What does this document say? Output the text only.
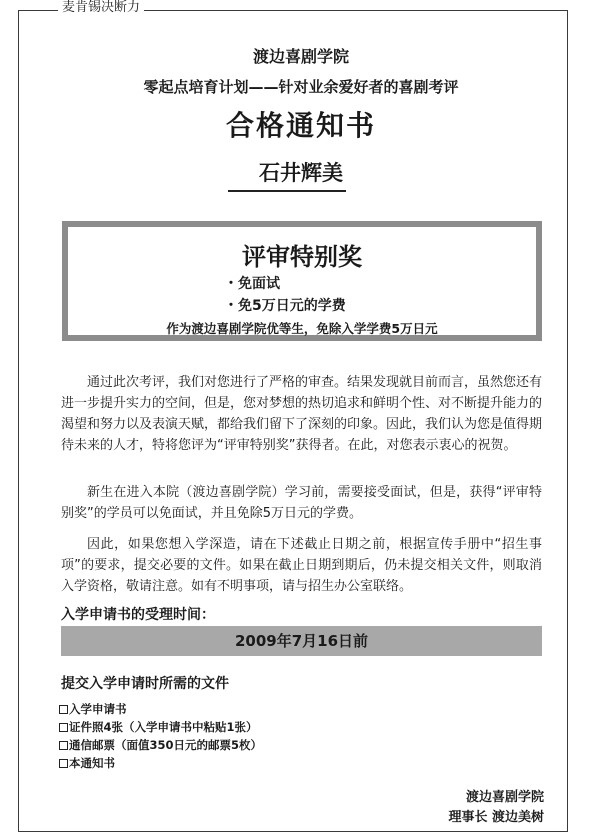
麦肯锡决断力
渡边喜剧学院
零起点培育计划——针对业余爱好者的喜剧考评
合格通知书
石井辉美
评审特别奖
・免面试
・免5万日元的学费
作为渡边喜剧学院优等生，免除入学学费5万日元

通过此次考评，我们对您进行了严格的审查。结果发现就目前而言，虽然您还有进一步提升实力的空间，但是，您对梦想的热切追求和鲜明个性、对不断提升能力的渴望和努力以及表演天赋，都给我们留下了深刻的印象。因此，我们认为您是值得期待未来的人才，特将您评为“评审特别奖”获得者。在此，对您表示衷心的祝贺。

新生在进入本院（渡边喜剧学院）学习前，需要接受面试，但是，获得“评审特别奖”的学员可以免面试，并且免除5万日元的学费。

因此，如果您想入学深造，请在下述截止日期之前，根据宣传手册中“招生事项”的要求，提交必要的文件。如果在截止日期到期后，仍未提交相关文件，则取消入学资格，敬请注意。如有不明事项，请与招生办公室联络。

入学申请书的受理时间：
2009年7月16日前
提交入学申请时所需的文件
入学申请书
证件照4张（入学申请书中粘贴1张）
通信邮票（面值350日元的邮票5枚）
本通知书
渡边喜剧学院
理事长 渡边美树
